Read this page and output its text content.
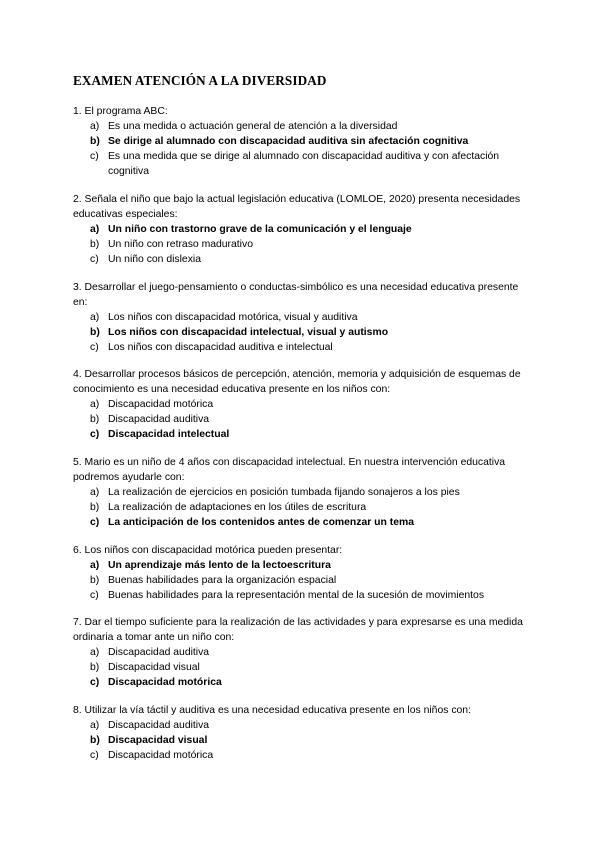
EXAMEN ATENCIÓN A LA DIVERSIDAD

1. El programa ABC:

a) Es una medida o actuación general de atención a la diversidad
b) Se dirige al alumnado con discapacidad auditiva sin afectación cognitiva
c) Es una medida que se dirige al alumnado con discapacidad auditiva y con afectación cognitiva

2. Señala el niño que bajo la actual legislación educativa (LOMLOE, 2020) presenta necesidades educativas especiales:

a) Un niño con trastorno grave de la comunicación y el lenguaje
b) Un niño con retraso madurativo
c) Un niño con dislexia

3. Desarrollar el juego-pensamiento o conductas-simbólico es una necesidad educativa presente en:

a) Los niños con discapacidad motórica, visual y auditiva
b) Los niños con discapacidad intelectual, visual y autismo
c) Los niños con discapacidad auditiva e intelectual

4. Desarrollar procesos básicos de percepción, atención, memoria y adquisición de esquemas de conocimiento es una necesidad educativa presente en los niños con:

a) Discapacidad motórica
b) Discapacidad auditiva
c) Discapacidad intelectual

5. Mario es un niño de 4 años con discapacidad intelectual. En nuestra intervención educativa podremos ayudarle con:

a) La realización de ejercicios en posición tumbada fijando sonajeros a los pies
b) La realización de adaptaciones en los útiles de escritura
c) La anticipación de los contenidos antes de comenzar un tema

6. Los niños con discapacidad motórica pueden presentar:

a) Un aprendizaje más lento de la lectoescritura
b) Buenas habilidades para la organización espacial
c) Buenas habilidades para la representación mental de la sucesión de movimientos

7. Dar el tiempo suficiente para la realización de las actividades y para expresarse es una medida ordinaria a tomar ante un niño con:

a) Discapacidad auditiva
b) Discapacidad visual
c) Discapacidad motórica

8. Utilizar la vía táctil y auditiva es una necesidad educativa presente en los niños con:

a) Discapacidad auditiva
b) Discapacidad visual
c) Discapacidad motórica
